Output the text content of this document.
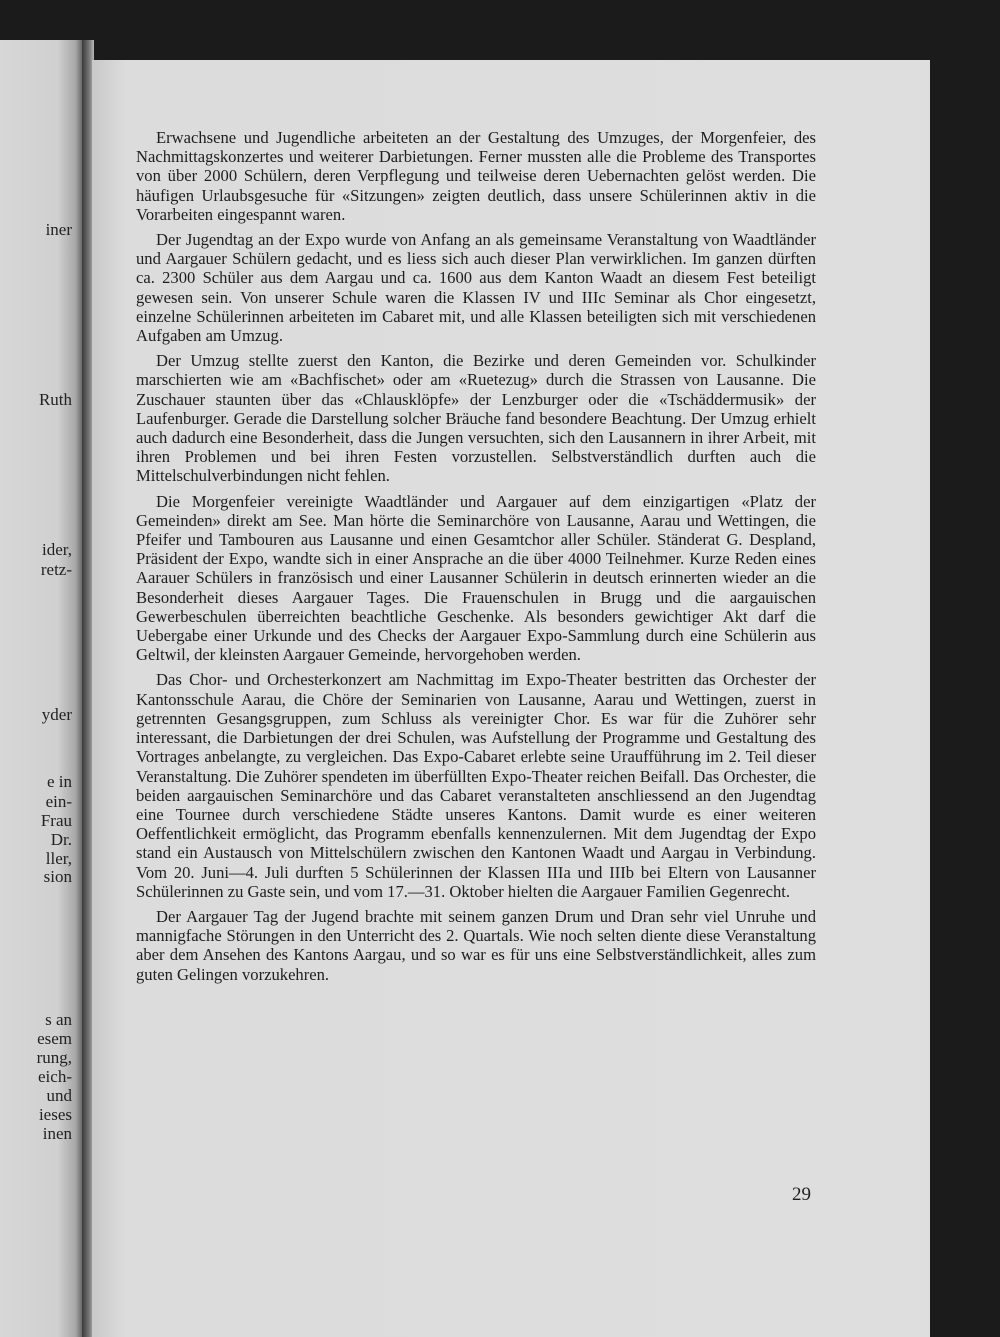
iner
Ruth
ider,
retz-
yder
e in
ein-
Frau
Dr.
ller,
sion
s an
esem
rung,
eich-
und
ieses
inen

Erwachsene und Jugendliche arbeiteten an der Gestaltung des Umzuges, der Morgenfeier, des Nachmittagskonzertes und weiterer Darbietungen. Ferner mussten alle die Probleme des Transportes von über 2000 Schülern, deren Verpflegung und teilweise deren Uebernachten gelöst werden. Die häufigen Urlaubsgesuche für «Sitzungen» zeigten deutlich, dass unsere Schülerinnen aktiv in die Vorarbeiten eingespannt waren.

Der Jugendtag an der Expo wurde von Anfang an als gemeinsame Veranstaltung von Waadtländer und Aargauer Schülern gedacht, und es liess sich auch dieser Plan verwirklichen. Im ganzen dürften ca. 2300 Schüler aus dem Aargau und ca. 1600 aus dem Kanton Waadt an diesem Fest beteiligt gewesen sein. Von unserer Schule waren die Klassen IV und IIIc Seminar als Chor eingesetzt, einzelne Schülerinnen arbeiteten im Cabaret mit, und alle Klassen beteiligten sich mit verschiedenen Aufgaben am Umzug.

Der Umzug stellte zuerst den Kanton, die Bezirke und deren Gemeinden vor. Schulkinder marschierten wie am «Bachfischet» oder am «Ruetezug» durch die Strassen von Lausanne. Die Zuschauer staunten über das «Chlausklöpfe» der Lenzburger oder die «Tschäddermusik» der Laufenburger. Gerade die Darstellung solcher Bräuche fand besondere Beachtung. Der Umzug erhielt auch dadurch eine Besonderheit, dass die Jungen versuchten, sich den Lausannern in ihrer Arbeit, mit ihren Problemen und bei ihren Festen vorzustellen. Selbstverständlich durften auch die Mittelschulverbindungen nicht fehlen.

Die Morgenfeier vereinigte Waadtländer und Aargauer auf dem einzigartigen «Platz der Gemeinden» direkt am See. Man hörte die Seminarchöre von Lausanne, Aarau und Wettingen, die Pfeifer und Tambouren aus Lausanne und einen Gesamtchor aller Schüler. Ständerat G. Despland, Präsident der Expo, wandte sich in einer Ansprache an die über 4000 Teilnehmer. Kurze Reden eines Aarauer Schülers in französisch und einer Lausanner Schülerin in deutsch erinnerten wieder an die Besonderheit dieses Aargauer Tages. Die Frauenschulen in Brugg und die aargauischen Gewerbeschulen überreichten beachtliche Geschenke. Als besonders gewichtiger Akt darf die Uebergabe einer Urkunde und des Checks der Aargauer Expo-Sammlung durch eine Schülerin aus Geltwil, der kleinsten Aargauer Gemeinde, hervorgehoben werden.

Das Chor- und Orchesterkonzert am Nachmittag im Expo-Theater bestritten das Orchester der Kantonsschule Aarau, die Chöre der Seminarien von Lausanne, Aarau und Wettingen, zuerst in getrennten Gesangsgruppen, zum Schluss als vereinigter Chor. Es war für die Zuhörer sehr interessant, die Darbietungen der drei Schulen, was Aufstellung der Programme und Gestaltung des Vortrages anbelangte, zu vergleichen. Das Expo-Cabaret erlebte seine Uraufführung im 2. Teil dieser Veranstaltung. Die Zuhörer spendeten im überfüllten Expo-Theater reichen Beifall. Das Orchester, die beiden aargauischen Seminarchöre und das Cabaret veranstalteten anschliessend an den Jugendtag eine Tournee durch verschiedene Städte unseres Kantons. Damit wurde es einer weiteren Oeffentlichkeit ermöglicht, das Programm ebenfalls kennenzulernen. Mit dem Jugendtag der Expo stand ein Austausch von Mittelschülern zwischen den Kantonen Waadt und Aargau in Verbindung. Vom 20. Juni—4. Juli durften 5 Schülerinnen der Klassen IIIa und IIIb bei Eltern von Lausanner Schülerinnen zu Gaste sein, und vom 17.—31. Oktober hielten die Aargauer Familien Gegenrecht.

Der Aargauer Tag der Jugend brachte mit seinem ganzen Drum und Dran sehr viel Unruhe und mannigfache Störungen in den Unterricht des 2. Quartals. Wie noch selten diente diese Veranstaltung aber dem Ansehen des Kantons Aargau, und so war es für uns eine Selbstverständlichkeit, alles zum guten Gelingen vorzukehren.

29
